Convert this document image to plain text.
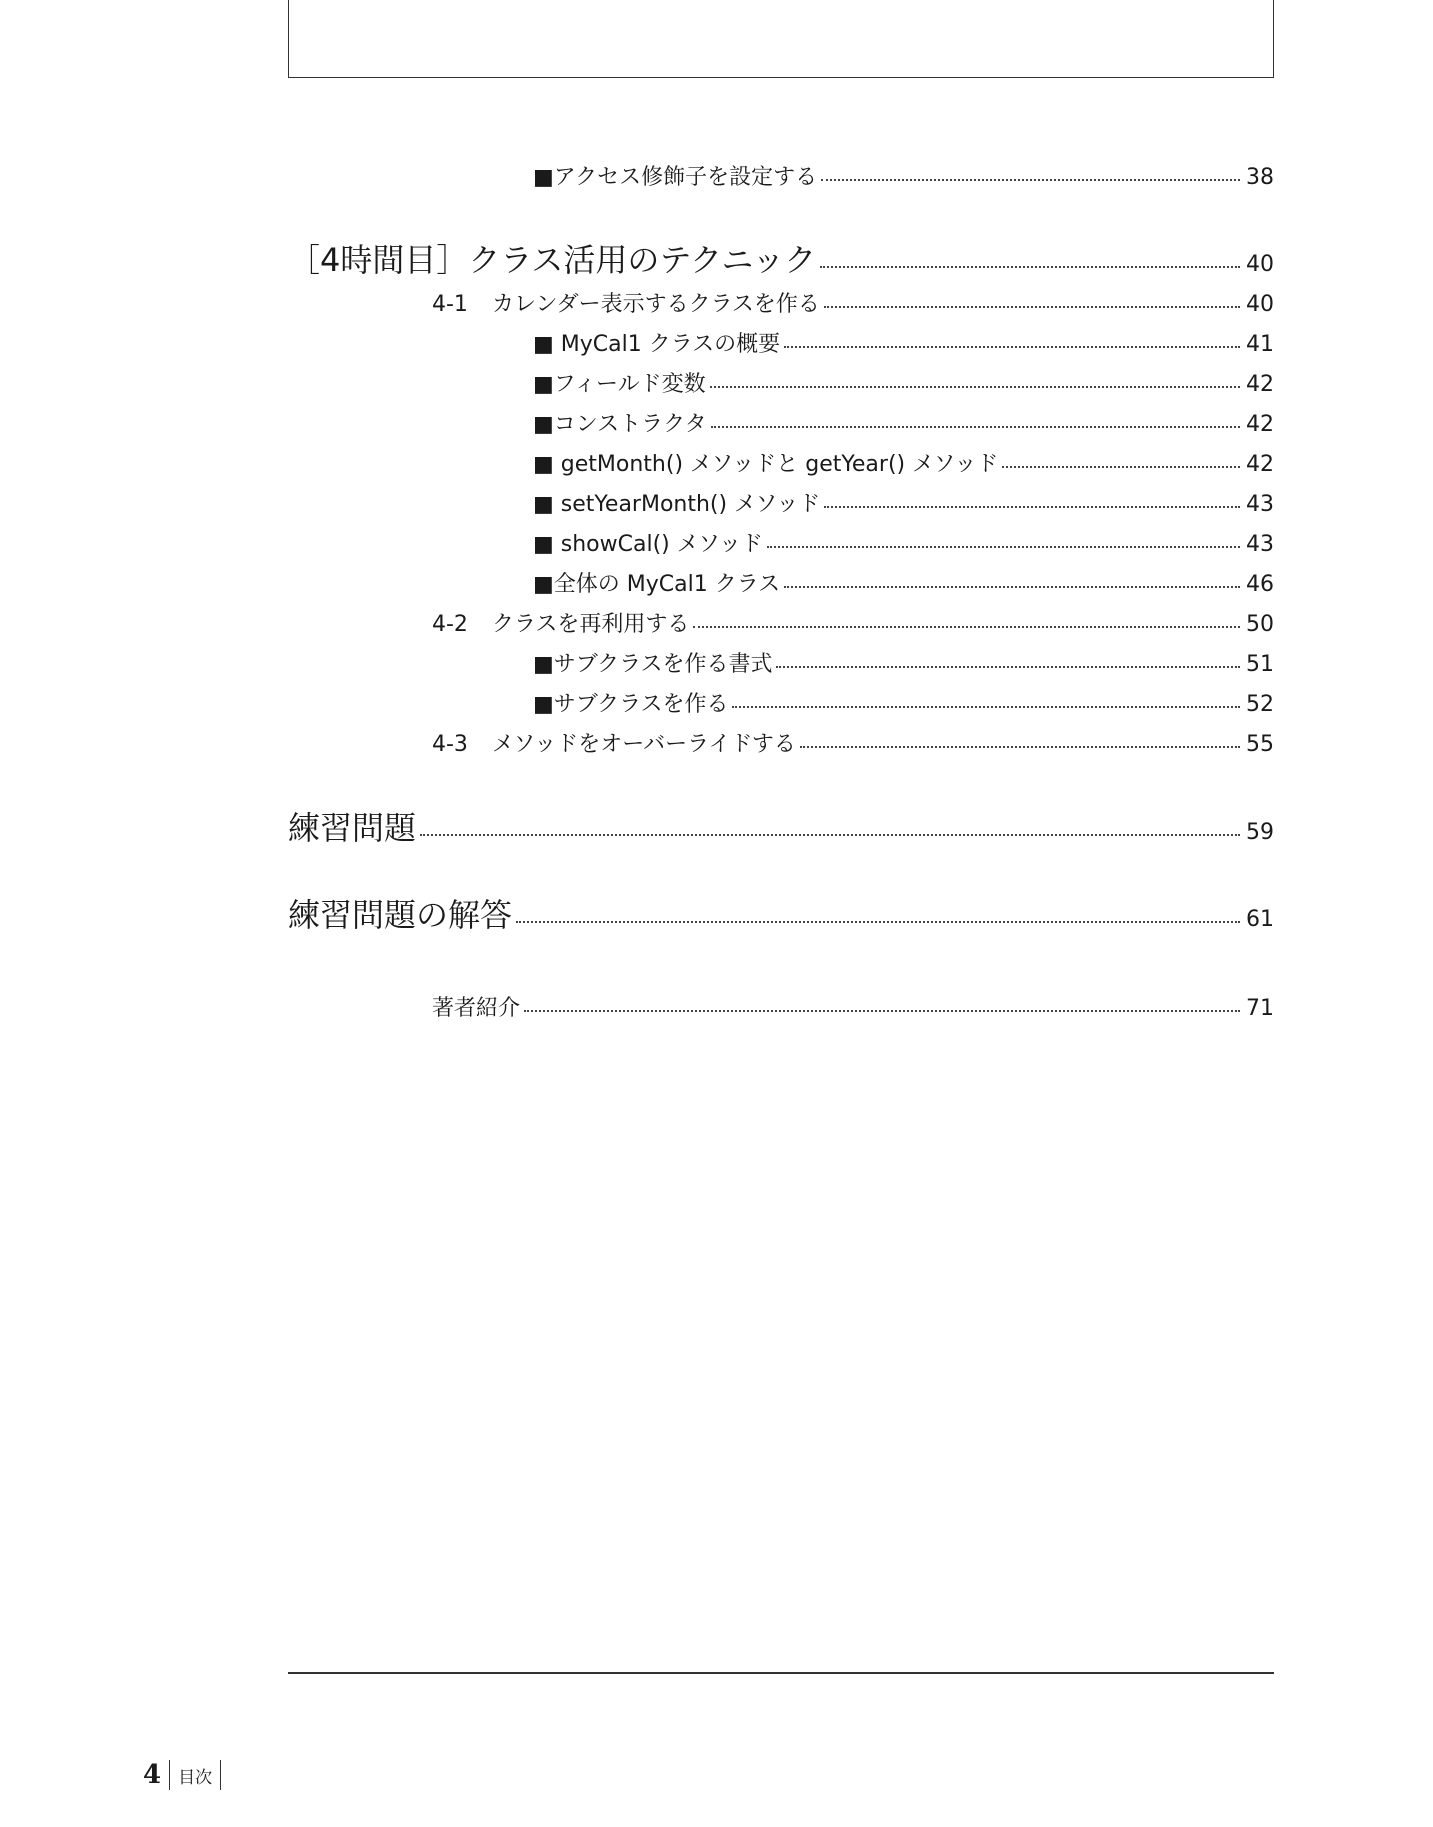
■アクセス修飾子を設定する	38
［4時間目］クラス活用のテクニック	40
4-1 カレンダー表示するクラスを作る	40
■ MyCal1 クラスの概要	41
■フィールド変数	42
■コンストラクタ	42
■ getMonth() メソッドと getYear() メソッド	42
■ setYearMonth() メソッド	43
■ showCal() メソッド	43
■全体の MyCal1 クラス	46
4-2 クラスを再利用する	50
■サブクラスを作る書式	51
■サブクラスを作る	52
4-3 メソッドをオーバーライドする	55
練習問題	59
練習問題の解答	61
著者紹介	71
4 目次
